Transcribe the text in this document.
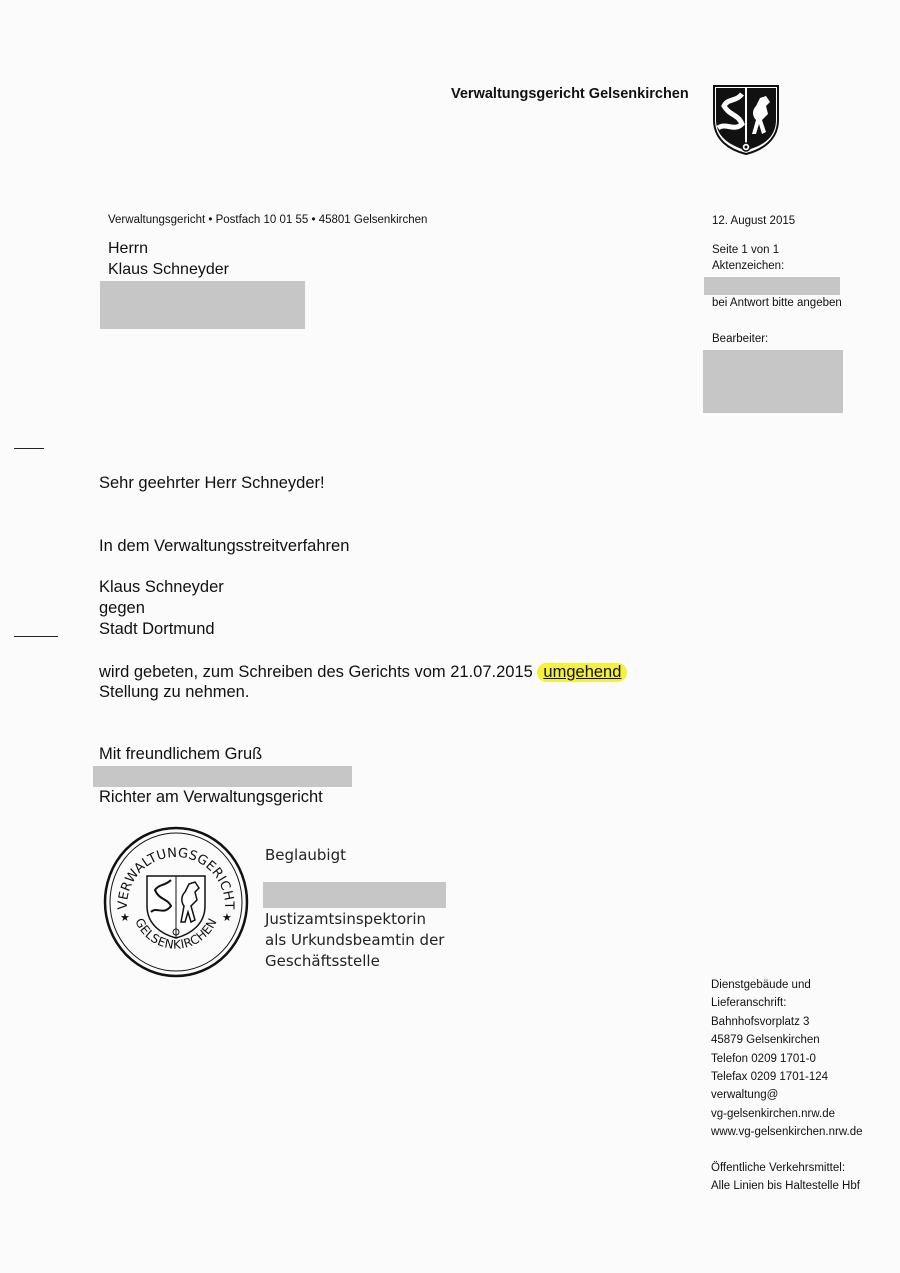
Verwaltungsgericht Gelsenkirchen
Verwaltungsgericht • Postfach 10 01 55 • 45801 Gelsenkirchen
Herrn
Klaus Schneyder
12. August 2015
Seite 1 von 1
Aktenzeichen:
bei Antwort bitte angeben
Bearbeiter:
Sehr geehrter Herr Schneyder!
In dem Verwaltungsstreitverfahren
Klaus Schneyder
gegen
Stadt Dortmund
wird gebeten, zum Schreiben des Gerichts vom 21.07.2015 umgehend
Stellung zu nehmen.
Mit freundlichem Gruß
Richter am Verwaltungsgericht
VERWALTUNGSGERICHT
GELSENKIRCHEN
★	★
Beglaubigt
Justizamtsinspektorin
als Urkundsbeamtin der
Geschäftsstelle
Dienstgebäude und
Lieferanschrift:
Bahnhofsvorplatz 3
45879 Gelsenkirchen
Telefon 0209 1701-0
Telefax 0209 1701-124
verwaltung@
vg-gelsenkirchen.nrw.de
www.vg-gelsenkirchen.nrw.de
Öffentliche Verkehrsmittel:
Alle Linien bis Haltestelle Hbf
